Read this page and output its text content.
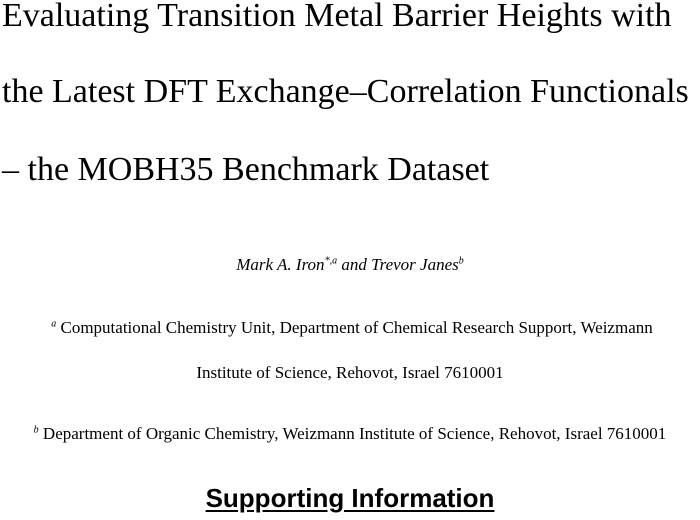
Evaluating Transition Metal Barrier Heights with
the Latest DFT Exchange–Correlation Functionals
– the MOBH35 Benchmark Dataset
Mark A. Iron$^{*,a}$ and Trevor Janes$^b$
$^a$ Computational Chemistry Unit, Department of Chemical Research Support, Weizmann
Institute of Science, Rehovot, Israel 7610001
$^b$ Department of Organic Chemistry, Weizmann Institute of Science, Rehovot, Israel 7610001
Supporting Information
